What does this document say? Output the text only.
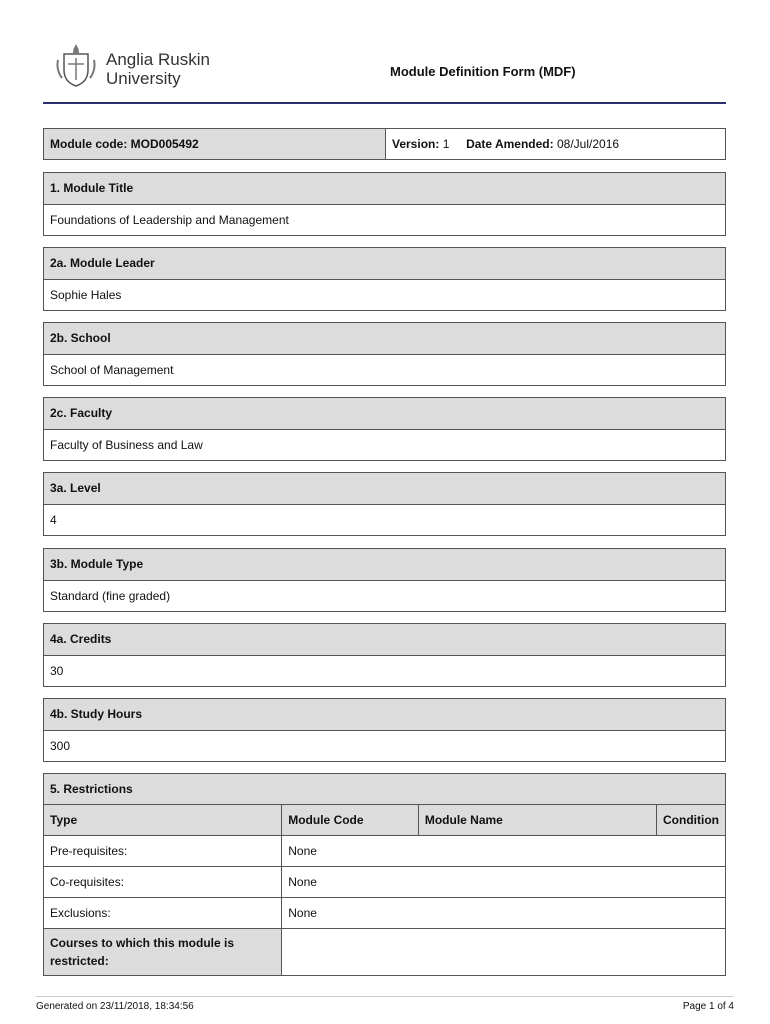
Anglia Ruskin
University	Module Definition Form (MDF)
Module code: MOD005492	Version: 1 Date Amended: 08/Jul/2016
1. Module Title
Foundations of Leadership and Management
2a. Module Leader
Sophie Hales
2b. School
School of Management
2c. Faculty
Faculty of Business and Law
3a. Level
4
3b. Module Type
Standard (fine graded)
4a. Credits
30
4b. Study Hours
300
5. Restrictions			
Type	Module Code	Module Name	Condition
Pre-requisites:	None		
Co-requisites:	None		
Exclusions:	None		
Courses to which this module is restricted:			
Generated on 23/11/2018, 18:34:56	Page 1 of 4
